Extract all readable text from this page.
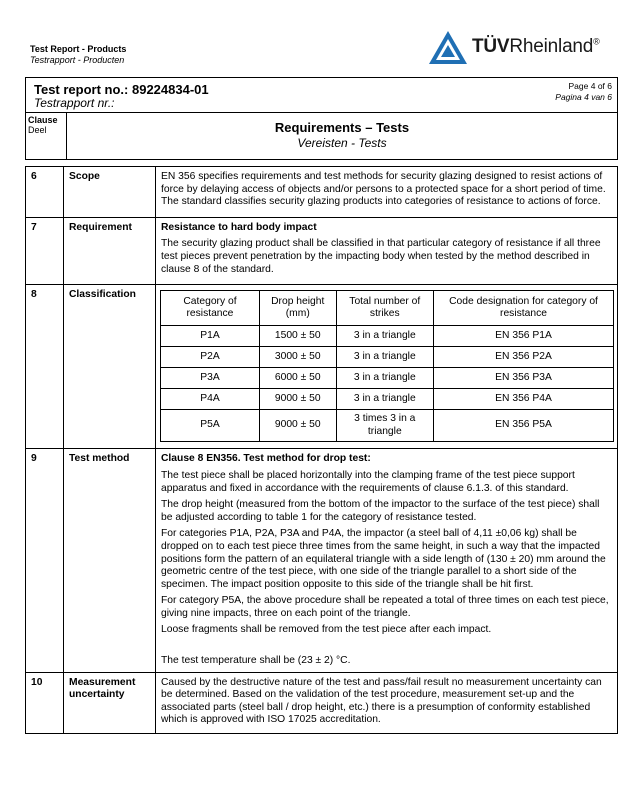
Test Report - Products
Testrapport - Producten
TÜVRheinland®
Test report no.: 89224834-01
Testrapport nr.:
Page 4 of 6
Pagina 4 van 6

Clause
Deel	Requirements – Tests
Vereisten - Tests
6	Scope	EN 356 specifies requirements and test methods for security glazing designed to resist actions of force by delaying access of objects and/or persons to a protected space for a short period of time. The standard classifies security glazing products into categories of resistance to actions of force.

7	Requirement	Resistance to hard body impact

The security glazing product shall be classified in that particular category of resistance if all three test pieces prevent penetration by the impacting body when tested by the method described in clause 8 of the standard.

8	Classification	
Category of resistance	Drop height (mm)	Total number of strikes	Code designation for category of resistance
P1A	1500 ± 50	3 in a triangle	EN 356 P1A
P2A	3000 ± 50	3 in a triangle	EN 356 P2A
P3A	6000 ± 50	3 in a triangle	EN 356 P3A
P4A	9000 ± 50	3 in a triangle	EN 356 P4A
P5A	9000 ± 50	3 times 3 in a triangle	EN 356 P5A

9	Test method	Clause 8 EN356. Test method for drop test:

The test piece shall be placed horizontally into the clamping frame of the test piece support apparatus and fixed in accordance with the requirements of clause 6.1.3. of this standard.

The drop height (measured from the bottom of the impactor to the surface of the test piece) shall be adjusted according to table 1 for the category of resistance tested.

For categories P1A, P2A, P3A and P4A, the impactor (a steel ball of 4,11 ±0,06 kg) shall be dropped on to each test piece three times from the same height, in such a way that the impacted positions form the pattern of an equilateral triangle with a side length of (130 ± 20) mm around the geometric centre of the test piece, with one side of the triangle parallel to a short side of the specimen. The impact position opposite to this side of the triangle shall be hit first.

For category P5A, the above procedure shall be repeated a total of three times on each test piece, giving nine impacts, three on each point of the triangle.

Loose fragments shall be removed from the test piece after each impact.

The test temperature shall be (23 ± 2) °C.

10	Measurement uncertainty	

Caused by the destructive nature of the test and pass/fail result no measurement uncertainty can be determined. Based on the validation of the test procedure, measurement set-up and the associated parts (steel ball / drop height, etc.) there is a presumption of conformity established which is approved with ISO 17025 accreditation.
